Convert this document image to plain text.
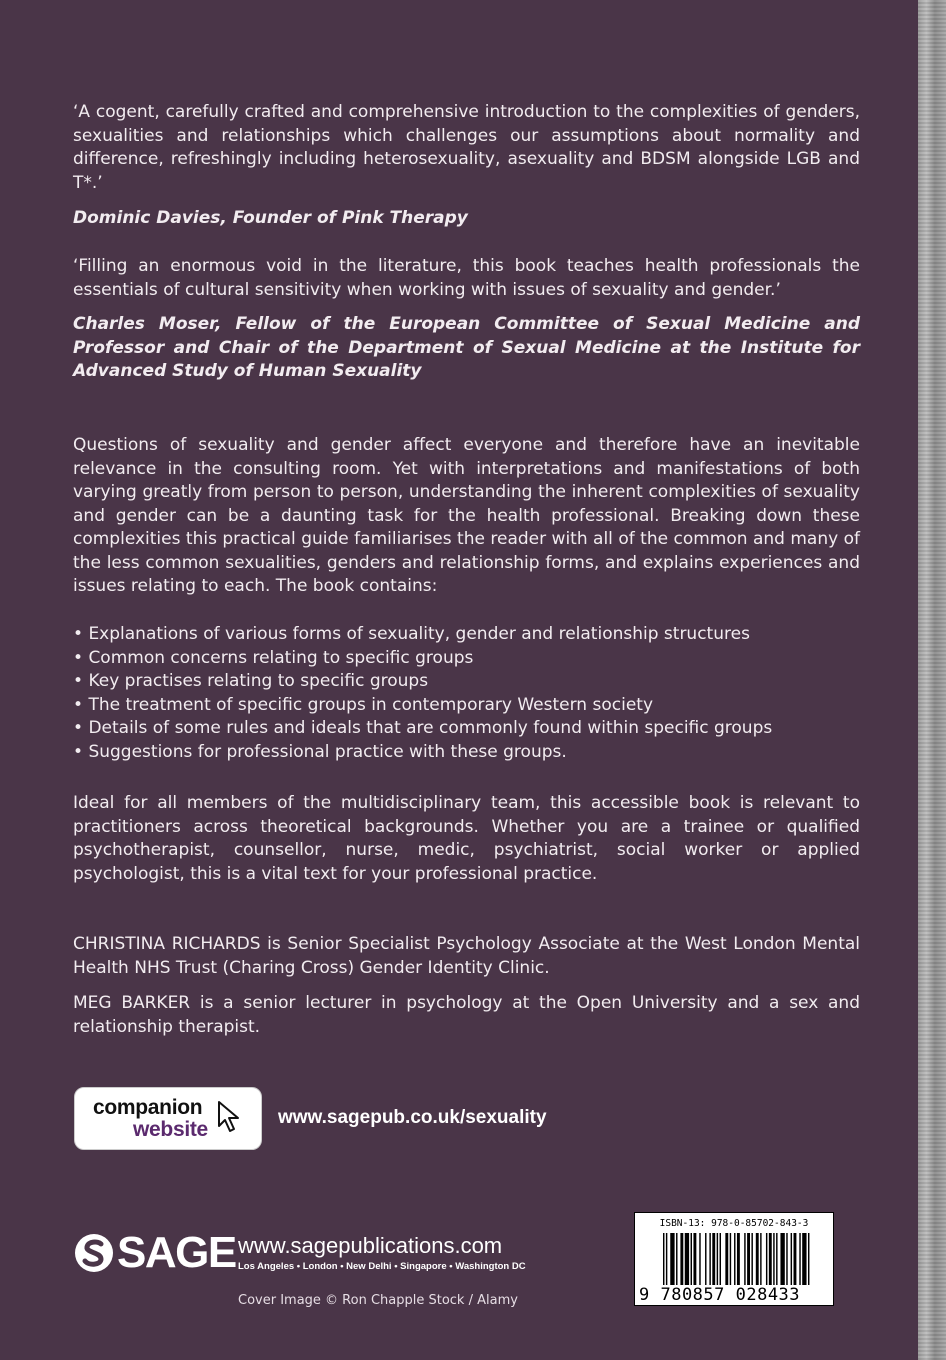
‘A cogent, carefully crafted and comprehensive introduction to the complexities of genders, sexualities and relationships which challenges our assumptions about normality and difference, refreshingly including heterosexuality, asexuality and BDSM alongside LGB and T*.’

Dominic Davies, Founder of Pink Therapy

‘Filling an enormous void in the literature, this book teaches health professionals the essentials of cultural sensitivity when working with issues of sexuality and gender.’

Charles Moser, Fellow of the European Committee of Sexual Medicine and Professor and Chair of the Department of Sexual Medicine at the Institute for Advanced Study of Human Sexuality

Questions of sexuality and gender affect everyone and therefore have an inevitable relevance in the consulting room. Yet with interpretations and manifestations of both varying greatly from person to person, understanding the inherent complexities of sexuality and gender can be a daunting task for the health professional. Breaking down these complexities this practical guide familiarises the reader with all of the common and many of the less common sexualities, genders and relationship forms, and explains experiences and issues relating to each. The book contains:

• Explanations of various forms of sexuality, gender and relationship structures
• Common concerns relating to specific groups
• Key practises relating to specific groups
• The treatment of specific groups in contemporary Western society
• Details of some rules and ideals that are commonly found within specific groups
• Suggestions for professional practice with these groups.

Ideal for all members of the multidisciplinary team, this accessible book is relevant to practitioners across theoretical backgrounds. Whether you are a trainee or qualified psychotherapist, counsellor, nurse, medic, psychiatrist, social worker or applied psychologist, this is a vital text for your professional practice.

CHRISTINA RICHARDS is Senior Specialist Psychology Associate at the West London Mental Health NHS Trust (Charing Cross) Gender Identity Clinic.

MEG BARKER is a senior lecturer in psychology at the Open University and a sex and relationship therapist.

companion
website
www.sagepub.co.uk/sexuality
SAGE www.sagepublications.com
Los Angeles • London • New Delhi • Singapore • Washington DC
Cover Image © Ron Chapple Stock / Alamy
ISBN-13: 978-0-85702-843-3
9 780857 028433
